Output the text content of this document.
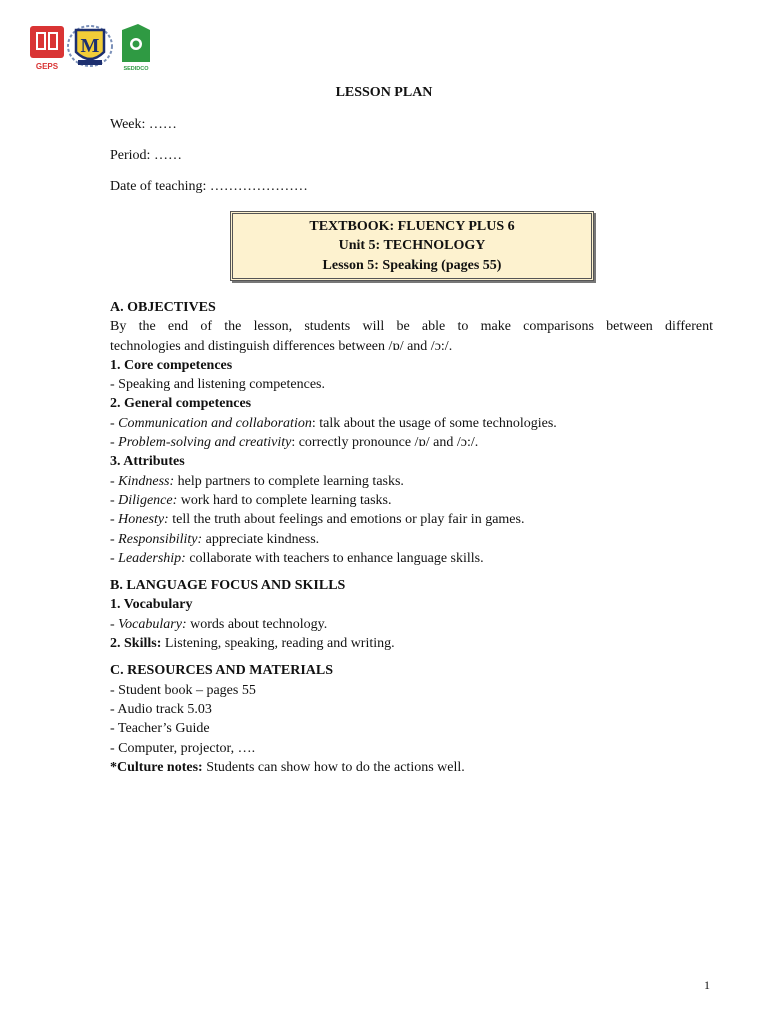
GEPS
M
SEDIDCO
LESSON PLAN
Week: ……
Period: ……
Date of teaching: …………………
TEXTBOOK: FLUENCY PLUS 6
Unit 5: TECHNOLOGY
Lesson 5: Speaking (pages 55)
A. OBJECTIVES
By the end of the lesson, students will be able to make comparisons between different
technologies and distinguish differences between /ɒ/ and /ɔ:/.
1. Core competences
- Speaking and listening competences.
2. General competences
- Communication and collaboration: talk about the usage of some technologies.
- Problem-solving and creativity: correctly pronounce /ɒ/ and /ɔ:/.
3. Attributes
- Kindness: help partners to complete learning tasks.
- Diligence: work hard to complete learning tasks.
- Honesty: tell the truth about feelings and emotions or play fair in games.
- Responsibility: appreciate kindness.
- Leadership: collaborate with teachers to enhance language skills.
B. LANGUAGE FOCUS AND SKILLS
1. Vocabulary
- Vocabulary: words about technology.
2. Skills: Listening, speaking, reading and writing.
C. RESOURCES AND MATERIALS
- Student book – pages 55
- Audio track 5.03
- Teacher’s Guide
- Computer, projector, ….
*Culture notes: Students can show how to do the actions well.
1
